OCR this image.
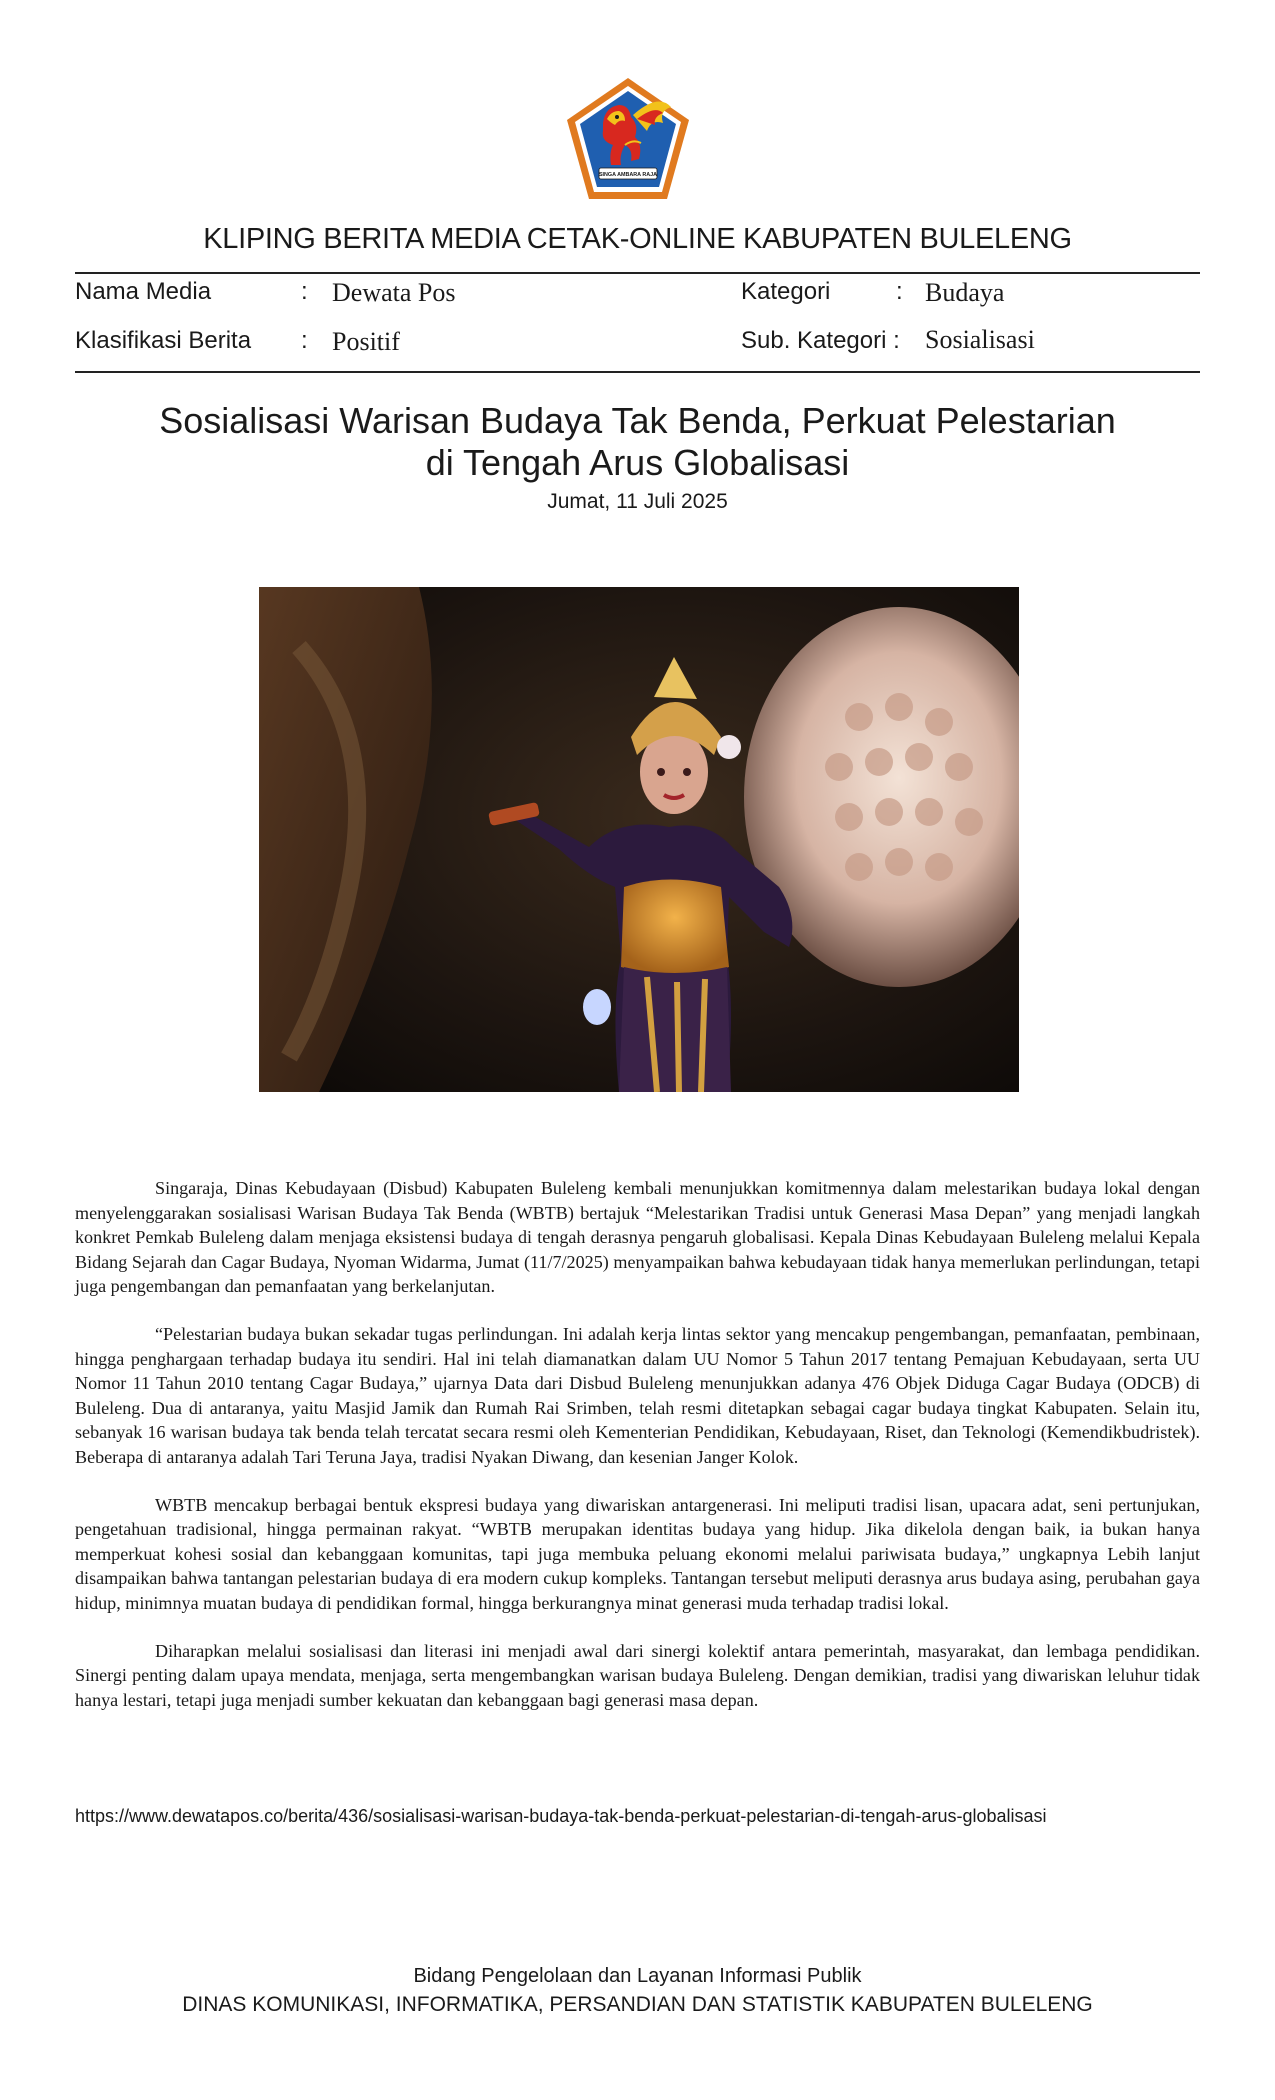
SINGA AMBARA RAJA
KLIPING BERITA MEDIA CETAK-ONLINE KABUPATEN BULELENG
Nama Media	: Dewata Pos	Kategori	: Budaya
Klasifikasi Berita : Positif	Sub. Kategori : Sosialisasi
Sosialisasi Warisan Budaya Tak Benda, Perkuat Pelestarian
di Tengah Arus Globalisasi
Jumat, 11 Juli 2025

Singaraja, Dinas Kebudayaan (Disbud) Kabupaten Buleleng kembali menunjukkan komitmennya dalam melestarikan budaya lokal dengan menyelenggarakan sosialisasi Warisan Budaya Tak Benda (WBTB) bertajuk “Melestarikan Tradisi untuk Generasi Masa Depan” yang menjadi langkah konkret Pemkab Buleleng dalam menjaga eksistensi budaya di tengah derasnya pengaruh globalisasi. Kepala Dinas Kebudayaan Buleleng melalui Kepala Bidang Sejarah dan Cagar Budaya, Nyoman Widarma, Jumat (11/7/2025) menyampaikan bahwa kebudayaan tidak hanya memerlukan perlindungan, tetapi juga pengembangan dan pemanfaatan yang berkelanjutan.

“Pelestarian budaya bukan sekadar tugas perlindungan. Ini adalah kerja lintas sektor yang mencakup pengembangan, pemanfaatan, pembinaan, hingga penghargaan terhadap budaya itu sendiri. Hal ini telah diamanatkan dalam UU Nomor 5 Tahun 2017 tentang Pemajuan Kebudayaan, serta UU Nomor 11 Tahun 2010 tentang Cagar Budaya,” ujarnya Data dari Disbud Buleleng menunjukkan adanya 476 Objek Diduga Cagar Budaya (ODCB) di Buleleng. Dua di antaranya, yaitu Masjid Jamik dan Rumah Rai Srimben, telah resmi ditetapkan sebagai cagar budaya tingkat Kabupaten. Selain itu, sebanyak 16 warisan budaya tak benda telah tercatat secara resmi oleh Kementerian Pendidikan, Kebudayaan, Riset, dan Teknologi (Kemendikbudristek). Beberapa di antaranya adalah Tari Teruna Jaya, tradisi Nyakan Diwang, dan kesenian Janger Kolok.

WBTB mencakup berbagai bentuk ekspresi budaya yang diwariskan antargenerasi. Ini meliputi tradisi lisan, upacara adat, seni pertunjukan, pengetahuan tradisional, hingga permainan rakyat. “WBTB merupakan identitas budaya yang hidup. Jika dikelola dengan baik, ia bukan hanya memperkuat kohesi sosial dan kebanggaan komunitas, tapi juga membuka peluang ekonomi melalui pariwisata budaya,” ungkapnya Lebih lanjut disampaikan bahwa tantangan pelestarian budaya di era modern cukup kompleks. Tantangan tersebut meliputi derasnya arus budaya asing, perubahan gaya hidup, minimnya muatan budaya di pendidikan formal, hingga berkurangnya minat generasi muda terhadap tradisi lokal.

Diharapkan melalui sosialisasi dan literasi ini menjadi awal dari sinergi kolektif antara pemerintah, masyarakat, dan lembaga pendidikan. Sinergi penting dalam upaya mendata, menjaga, serta mengembangkan warisan budaya Buleleng. Dengan demikian, tradisi yang diwariskan leluhur tidak hanya lestari, tetapi juga menjadi sumber kekuatan dan kebanggaan bagi generasi masa depan.

https://www.dewatapos.co/berita/436/sosialisasi-warisan-budaya-tak-benda-perkuat-pelestarian-di-tengah-arus-globalisasi
Bidang Pengelolaan dan Layanan Informasi Publik
DINAS KOMUNIKASI, INFORMATIKA, PERSANDIAN DAN STATISTIK KABUPATEN BULELENG
